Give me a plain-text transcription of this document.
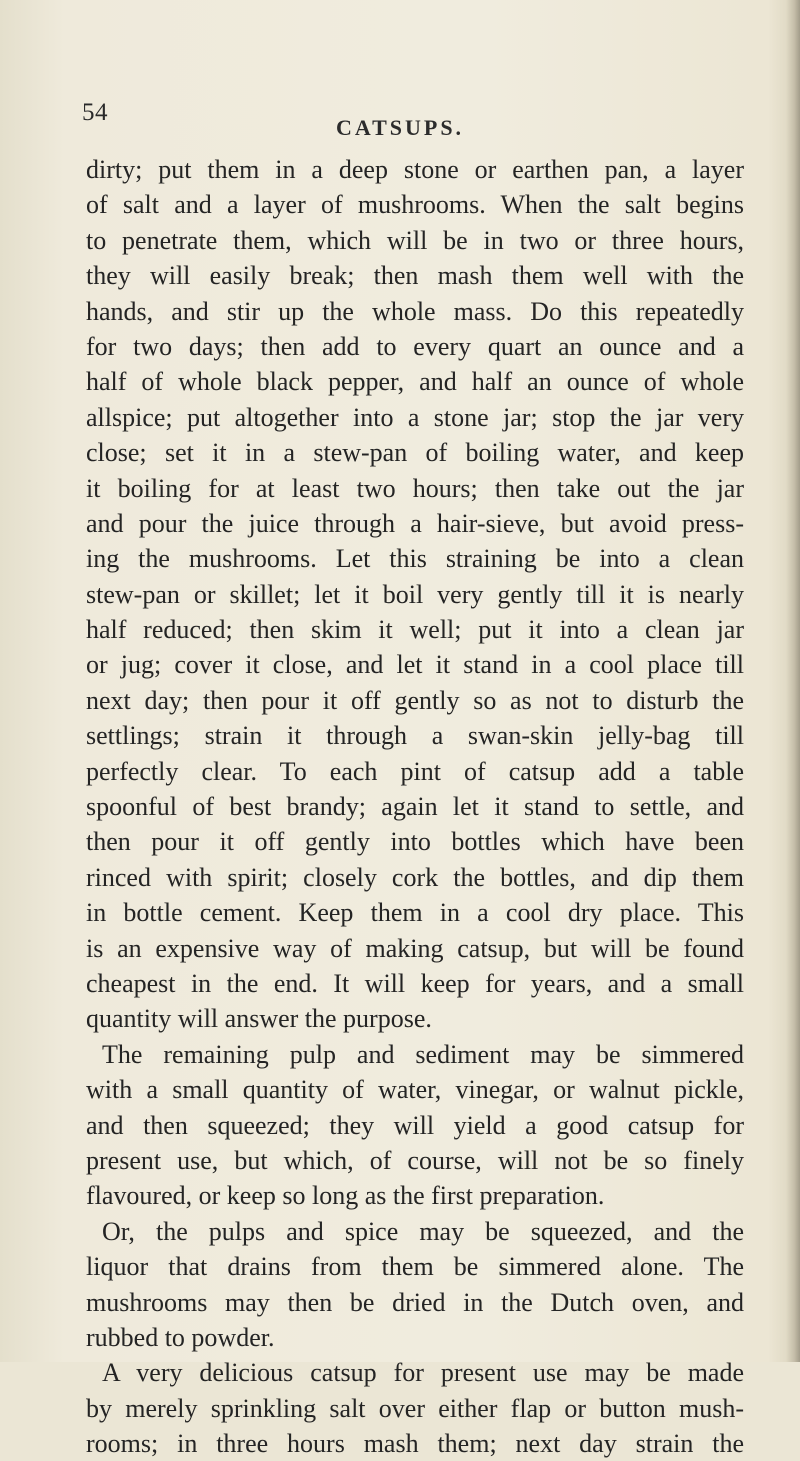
54
CATSUPS.
dirty; put them in a deep stone or earthen pan, a layer
of salt and a layer of mushrooms. When the salt begins
to penetrate them, which will be in two or three hours,
they will easily break; then mash them well with the
hands, and stir up the whole mass. Do this repeatedly
for two days; then add to every quart an ounce and a
half of whole black pepper, and half an ounce of whole
allspice; put altogether into a stone jar; stop the jar very
close; set it in a stew-pan of boiling water, and keep
it boiling for at least two hours; then take out the jar
and pour the juice through a hair-sieve, but avoid press-
ing the mushrooms. Let this straining be into a clean
stew-pan or skillet; let it boil very gently till it is nearly
half reduced; then skim it well; put it into a clean jar
or jug; cover it close, and let it stand in a cool place till
next day; then pour it off gently so as not to disturb the
settlings; strain it through a swan-skin jelly-bag till
perfectly clear. To each pint of catsup add a table
spoonful of best brandy; again let it stand to settle, and
then pour it off gently into bottles which have been
rinced with spirit; closely cork the bottles, and dip them
in bottle cement. Keep them in a cool dry place. This
is an expensive way of making catsup, but will be found
cheapest in the end. It will keep for years, and a small
quantity will answer the purpose.
The remaining pulp and sediment may be simmered
with a small quantity of water, vinegar, or walnut pickle,
and then squeezed; they will yield a good catsup for
present use, but which, of course, will not be so finely
flavoured, or keep so long as the first preparation.
Or, the pulps and spice may be squeezed, and the
liquor that drains from them be simmered alone. The
mushrooms may then be dried in the Dutch oven, and
rubbed to powder.
A very delicious catsup for present use may be made
by merely sprinkling salt over either flap or button mush-
rooms; in three hours mash them; next day strain the
